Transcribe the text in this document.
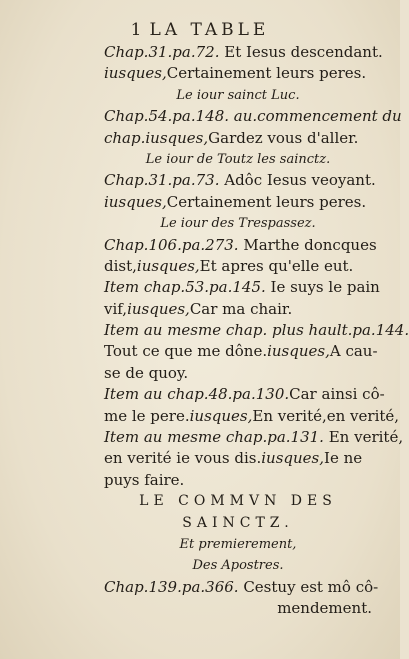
1 LA TABLE
Chap.31.pa.72. Et Iesus descendant.
iusques,Certainement leurs peres.
Le iour sainct Luc.
Chap.54.pa.148. au.commencement du
chap.iusques,Gardez vous d'aller.
Le iour de Toutz les sainctz.
Chap.31.pa.73. Adôc Iesus veoyant.
iusques,Certainement leurs peres.
Le iour des Trespassez.
Chap.106.pa.273. Marthe doncques
dist,iusques,Et apres qu'elle eut.
Item chap.53.pa.145. Ie suys le pain
vif,iusques,Car ma chair.
Item au mesme chap. plus hault.pa.144.
Tout ce que me dône.iusques,A cau-
se de quoy.
Item au chap.48.pa.130.Car ainsi cô-
me le pere.iusques,En verité,en verité,
Item au mesme chap.pa.131. En verité,
en verité ie vous dis.iusques,Ie ne
puys faire.
LE COMMVN DES
SAINCTZ.
Et premierement,
Des Apostres.
Chap.139.pa.366. Cestuy est mô cô-
mendement.
